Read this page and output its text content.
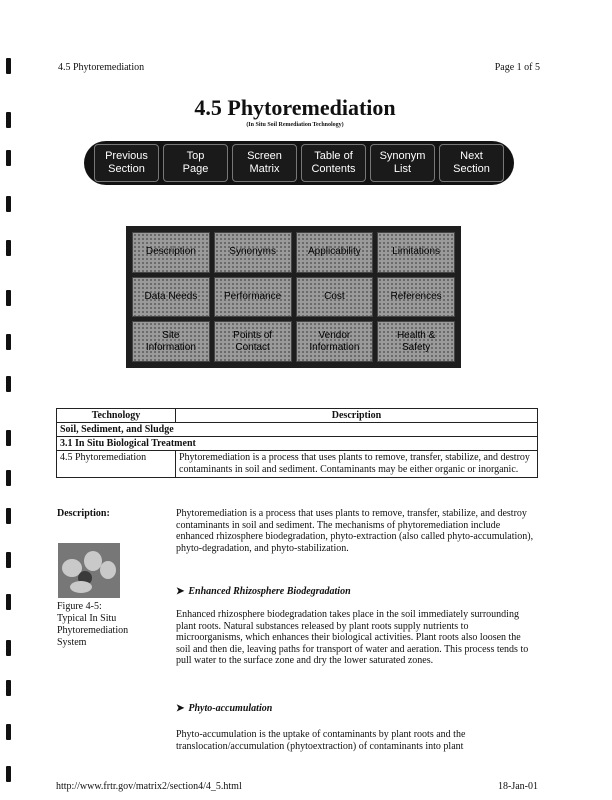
4.5 Phytoremediation	Page 1 of 5
4.5 Phytoremediation
(In Situ Soil Remediation Technology)
Previous
Section
Top
Page
Screen
Matrix
Table of
Contents
Synonym
List
Next
Section
Description	Synonyms	Applicability	Limitations
Data Needs	Performance	Cost	References
Site
Information
Points of
Contact
Vendor
Information
Health &
Safety
Technology	Description
Soil, Sediment, and Sludge	
3.1 In Situ Biological Treatment	
4.5 Phytoremediation	Phytoremediation is a process that uses plants to remove, transfer, stabilize, and destroy contaminants in soil and sediment. Contaminants may be either organic or inorganic.
Description:
Figure 4-5:
Typical In Situ
Phytoremediation
System

Phytoremediation is a process that uses plants to remove, transfer, stabilize, and destroy contaminants in soil and sediment. The mechanisms of phytoremediation include enhanced rhizosphere biodegradation, phyto-extraction (also called phyto-accumulation), phyto-degradation, and phyto-stabilization.

➤ Enhanced Rhizosphere Biodegradation

Enhanced rhizosphere biodegradation takes place in the soil immediately surrounding plant roots. Natural substances released by plant roots supply nutrients to microorganisms, which enhances their biological activities. Plant roots also loosen the soil and then die, leaving paths for transport of water and aeration. This process tends to pull water to the surface zone and dry the lower saturated zones.

➤ Phyto-accumulation

Phyto-accumulation is the uptake of contaminants by plant roots and the translocation/accumulation (phytoextraction) of contaminants into plant

http://www.frtr.gov/matrix2/section4/4_5.html	18-Jan-01
